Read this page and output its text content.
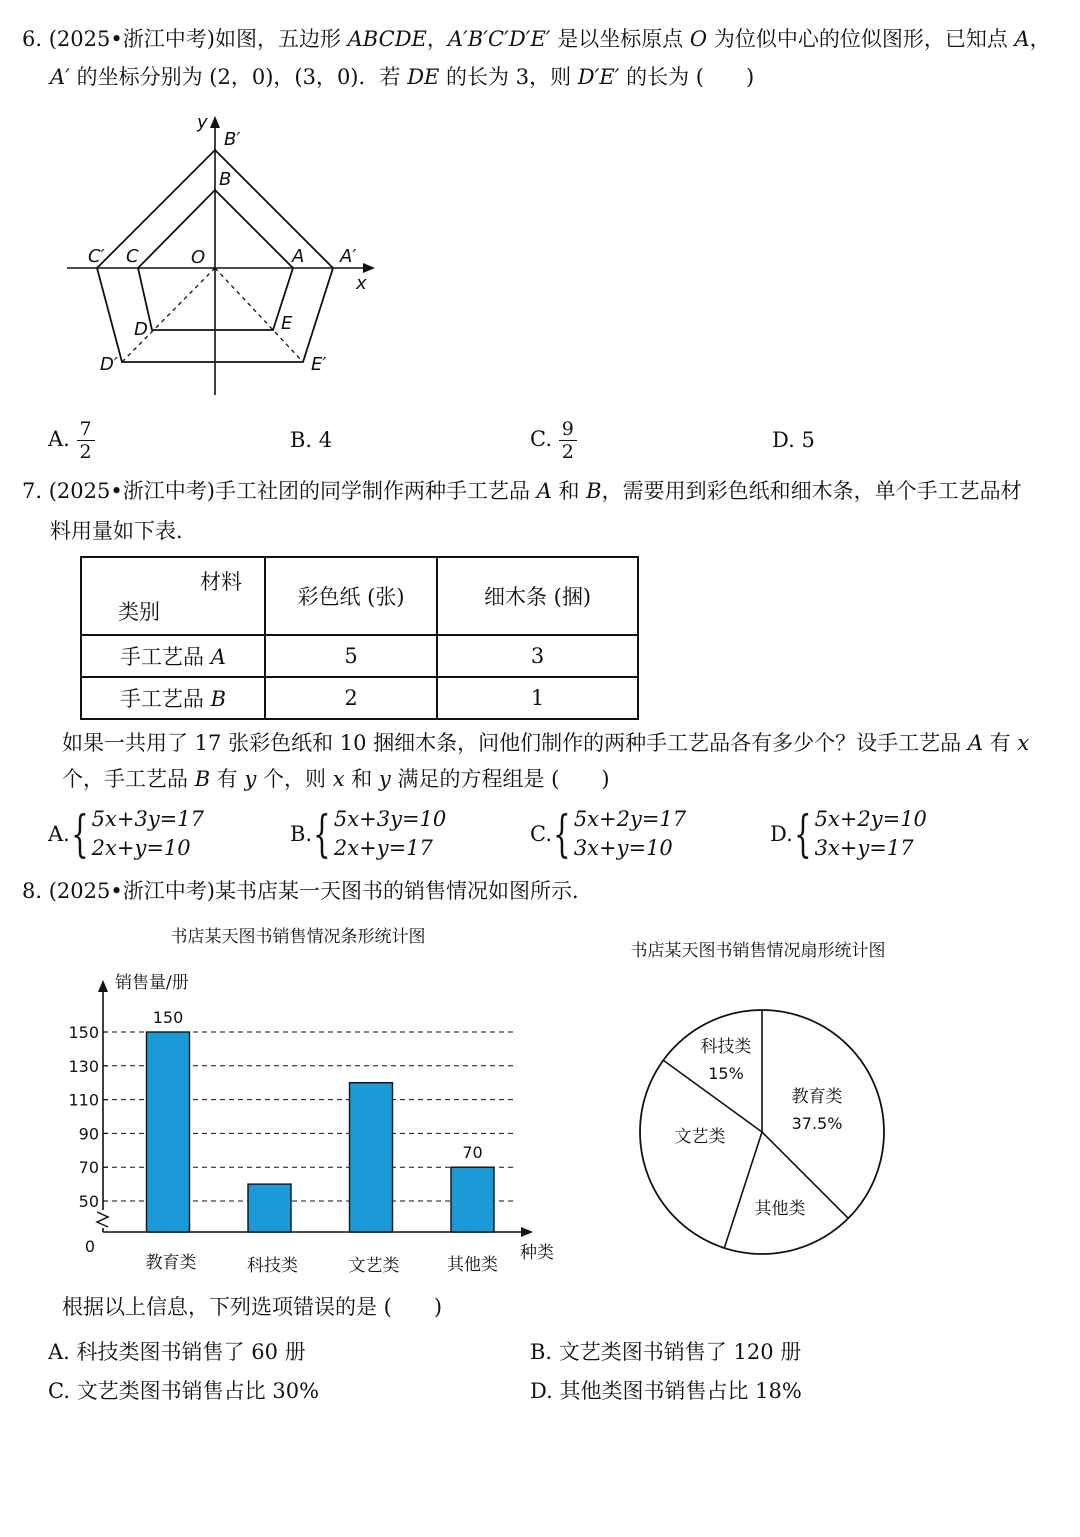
6. (2025•浙江中考)如图，五边形 ABCDE，A′B′C′D′E′ 是以坐标原点 O 为位似中心的位似图形，已知点 A，
A′ 的坐标分别为 (2，0)，(3，0)．若 DE 的长为 3，则 D′E′ 的长为 (　　)
y
x
O	A A′
B
B′
C
C′
D
D′
E
E′
A. $\frac{7}{2}$	B. 4	C. $\frac{9}{2}$	D. 5
7. (2025•浙江中考)手工社团的同学制作两种手工艺品 A 和 B，需要用到彩色纸和细木条，单个手工艺品材
料用量如下表．
材料
类别	彩色纸 (张)	细木条 (捆)
手工艺品 A	5	3
手工艺品 B	2	1
如果一共用了 17 张彩色纸和 10 捆细木条，问他们制作的两种手工艺品各有多少个？设手工艺品 A 有 x
个，手工艺品 B 有 y 个，则 x 和 y 满足的方程组是 (　　)
A. { 5x+3y=17
2x+y=10
B. { 5x+3y=10
2x+y=17
C. { 5x+2y=17
3x+y=10
D. { 5x+2y=10
3x+y=17
8. (2025•浙江中考)某书店某一天图书的销售情况如图所示．
书店某天图书销售情况条形统计图
销售量/册
种类
0
50
70
90
110
130
150
教育类
150
科技类	文艺类	其他类
70
书店某天图书销售情况扇形统计图
教育类
37.5%
其他类
文艺类
科技类
15%
根据以上信息，下列选项错误的是 (　　)
A. 科技类图书销售了 60 册	B. 文艺类图书销售了 120 册
C. 文艺类图书销售占比 30%	D. 其他类图书销售占比 18%
